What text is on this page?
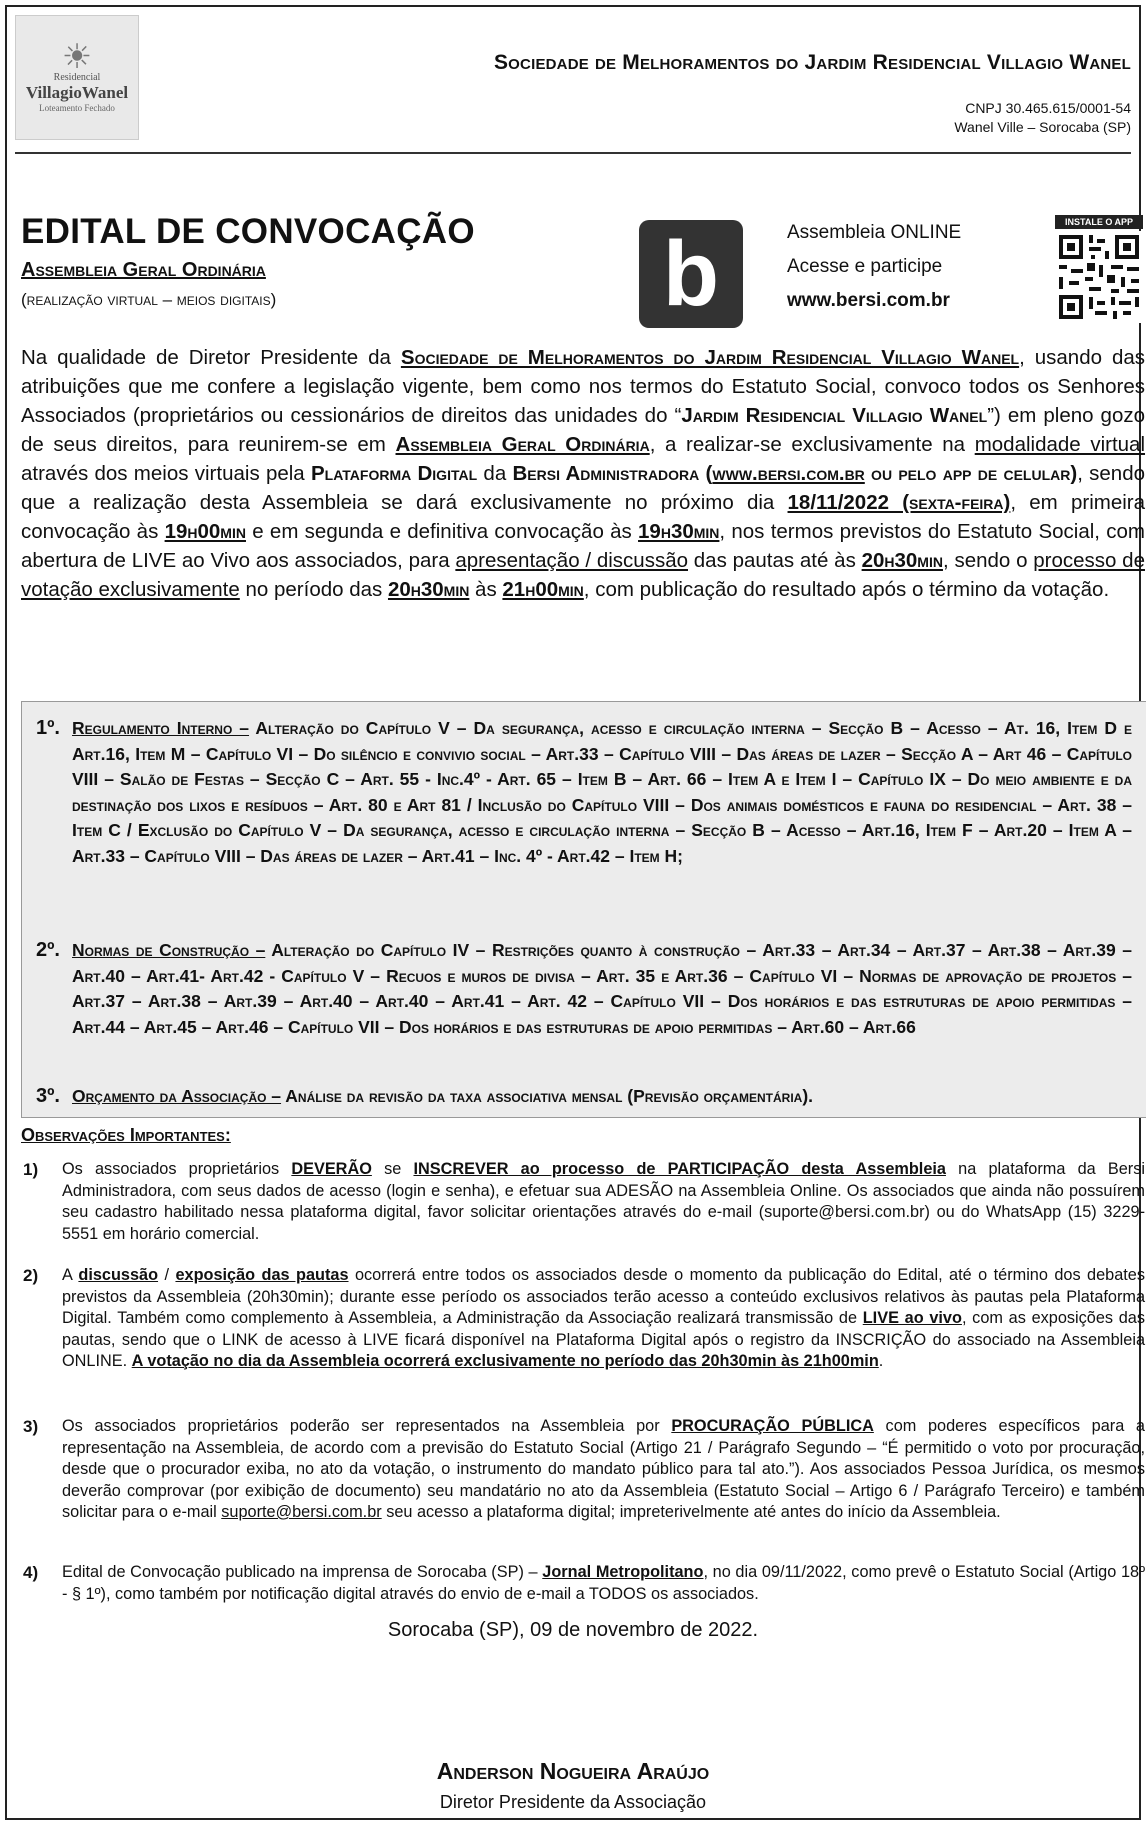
☀
Residencial
VillagioWanel
Loteamento Fechado
Sociedade de Melhoramentos do Jardim Residencial Villagio Wanel
CNPJ 30.465.615/0001-54
Wanel Ville – Sorocaba (SP)
EDITAL DE CONVOCAÇÃO
Assembleia Geral Ordinária
(realização virtual – meios digitais)	b	Assembleia ONLINE
Acesse e participe
www.bersi.com.br
INSTALE O APP
Na qualidade de Diretor Presidente da Sociedade de Melhoramentos do Jardim Residencial Villagio Wanel, usando das atribuições que me confere a legislação vigente, bem como nos termos do Estatuto Social, convoco todos os Senhores Associados (proprietários ou cessionários de direitos das unidades do “Jardim Residencial Villagio Wanel”) em pleno gozo de seus direitos, para reunirem-se em Assembleia Geral Ordinária, a realizar-se exclusivamente na modalidade virtual através dos meios virtuais pela Plataforma Digital da Bersi Administradora (www.bersi.com.br ou pelo app de celular), sendo que a realização desta Assembleia se dará exclusivamente no próximo dia 18/11/2022 (sexta-feira), em primeira convocação às 19h00min e em segunda e definitiva convocação às 19h30min, nos termos previstos do Estatuto Social, com abertura de LIVE ao Vivo aos associados, para apresentação / discussão das pautas até às 20h30min, sendo o processo de votação exclusivamente no período das 20h30min às 21h00min, com publicação do resultado após o término da votação.
1º. Regulamento Interno – Alteração do Capítulo V – Da segurança, acesso e circulação interna – Secção B – Acesso – At. 16, Item D e Art.16, Item M – Capítulo VI – Do silêncio e convivio social – Art.33 – Capítulo VIII – Das áreas de lazer – Secção A – Art 46 – Capítulo VIII – Salão de Festas – Secção C – Art. 55 - Inc.4º - Art. 65 – Item B – Art. 66 – Item A e Item I – Capítulo IX – Do meio ambiente e da destinação dos lixos e resíduos – Art. 80 e Art 81 / Inclusão do Capítulo VIII – Dos animais domésticos e fauna do residencial – Art. 38 – Item C / Exclusão do Capítulo V – Da segurança, acesso e circulação interna – Secção B – Acesso – Art.16, Item F – Art.20 – Item A – Art.33 – Capítulo VIII – Das áreas de lazer – Art.41 – Inc. 4º - Art.42 – Item H;
2º. Normas de Construção – Alteração do Capítulo IV – Restrições quanto à construção – Art.33 – Art.34 – Art.37 – Art.38 – Art.39 – Art.40 – Art.41- Art.42 - Capítulo V – Recuos e muros de divisa – Art. 35 e Art.36 – Capítulo VI – Normas de aprovação de projetos – Art.37 – Art.38 – Art.39 – Art.40 – Art.40 – Art.41 – Art. 42 – Capítulo VII – Dos horários e das estruturas de apoio permitidas – Art.44 – Art.45 – Art.46 – Capítulo VII – Dos horários e das estruturas de apoio permitidas – Art.60 – Art.66
3º. Orçamento da Associação – Análise da revisão da taxa associativa mensal (Previsão orçamentária).
Observações Importantes:
1) Os associados proprietários DEVERÃO se INSCREVER ao processo de PARTICIPAÇÃO desta Assembleia na plataforma da Bersi Administradora, com seus dados de acesso (login e senha), e efetuar sua ADESÃO na Assembleia Online. Os associados que ainda não possuírem seu cadastro habilitado nessa plataforma digital, favor solicitar orientações através do e-mail (suporte@bersi.com.br) ou do WhatsApp (15) 3229-5551 em horário comercial.
2) A discussão / exposição das pautas ocorrerá entre todos os associados desde o momento da publicação do Edital, até o término dos debates previstos da Assembleia (20h30min); durante esse período os associados terão acesso a conteúdo exclusivos relativos às pautas pela Plataforma Digital. Também como complemento à Assembleia, a Administração da Associação realizará transmissão de LIVE ao vivo, com as exposições das pautas, sendo que o LINK de acesso à LIVE ficará disponível na Plataforma Digital após o registro da INSCRIÇÃO do associado na Assembleia ONLINE. A votação no dia da Assembleia ocorrerá exclusivamente no período das 20h30min às 21h00min.
3) Os associados proprietários poderão ser representados na Assembleia por PROCURAÇÃO PÚBLICA com poderes específicos para a representação na Assembleia, de acordo com a previsão do Estatuto Social (Artigo 21 / Parágrafo Segundo – “É permitido o voto por procuração, desde que o procurador exiba, no ato da votação, o instrumento do mandato público para tal ato.”). Aos associados Pessoa Jurídica, os mesmos deverão comprovar (por exibição de documento) seu mandatário no ato da Assembleia (Estatuto Social – Artigo 6 / Parágrafo Terceiro) e também solicitar para o e-mail suporte@bersi.com.br seu acesso a plataforma digital; impreterivelmente até antes do início da Assembleia.
4) Edital de Convocação publicado na imprensa de Sorocaba (SP) – Jornal Metropolitano, no dia 09/11/2022, como prevê o Estatuto Social (Artigo 18º - § 1º), como também por notificação digital através do envio de e-mail a TODOS os associados.
Sorocaba (SP), 09 de novembro de 2022.
Anderson Nogueira Araújo
Diretor Presidente da Associação
